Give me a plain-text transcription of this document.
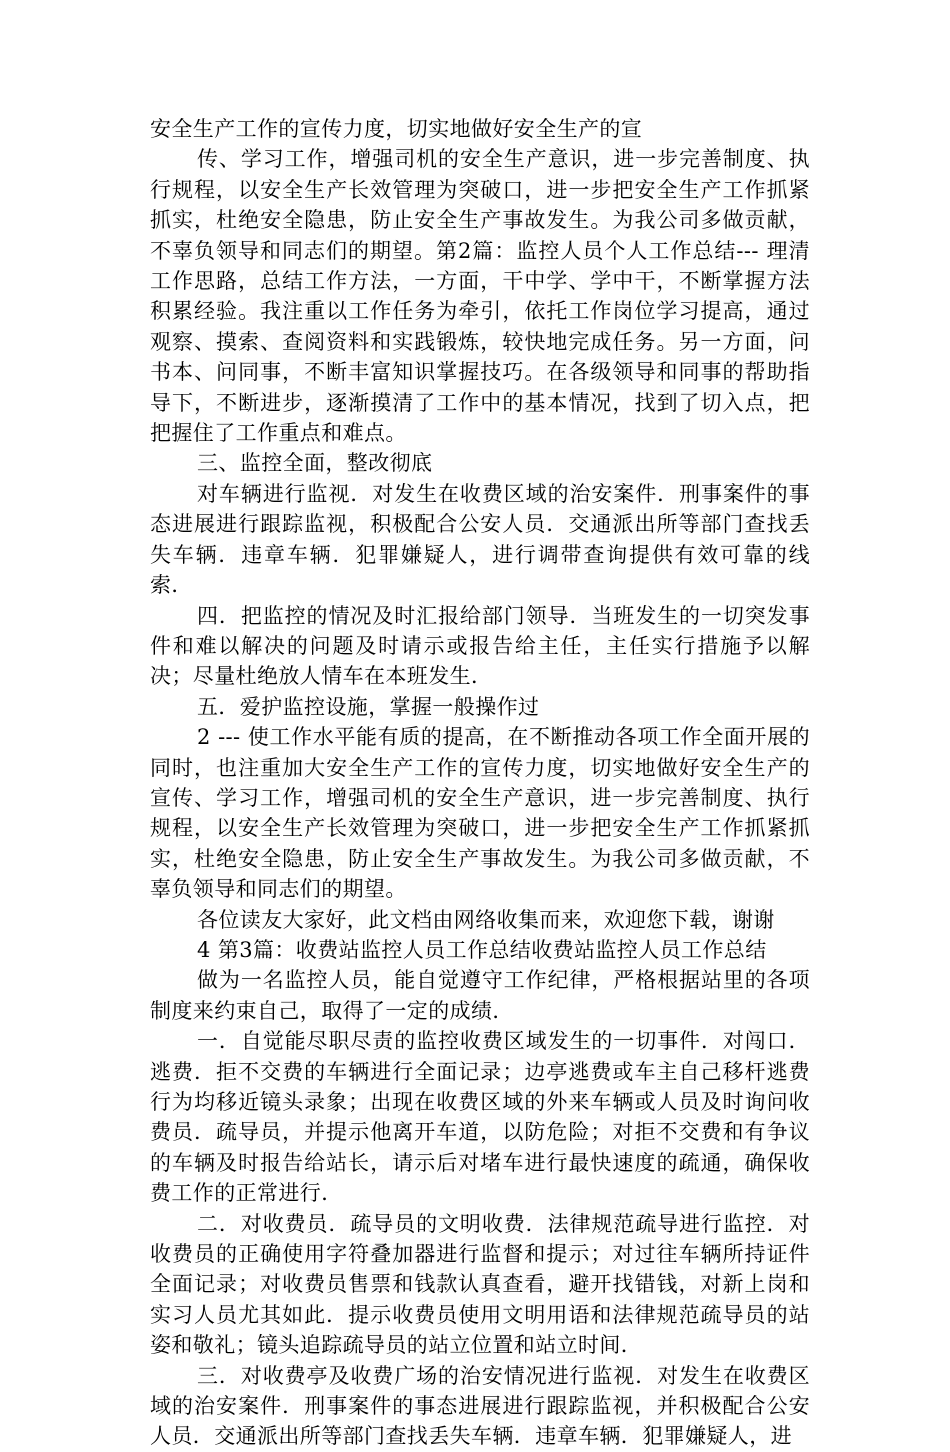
安全生产工作的宣传力度，切实地做好安全生产的宣

传、学习工作，增强司机的安全生产意识，进一步完善制度、执行规程，以安全生产长效管理为突破口，进一步把安全生产工作抓紧抓实，杜绝安全隐患，防止安全生产事故发生。为我公司多做贡献，不辜负领导和同志们的期望。第2篇：监控人员个人工作总结--- 理清工作思路，总结工作方法，一方面，干中学、学中干，不断掌握方法积累经验。我注重以工作任务为牵引，依托工作岗位学习提高，通过观察、摸索、查阅资料和实践锻炼，较快地完成任务。另一方面，问书本、问同事，不断丰富知识掌握技巧。在各级领导和同事的帮助指导下，不断进步，逐渐摸清了工作中的基本情况，找到了切入点，把把握住了工作重点和难点。

三、监控全面，整改彻底

对车辆进行监视．对发生在收费区域的治安案件．刑事案件的事态进展进行跟踪监视，积极配合公安人员．交通派出所等部门查找丢失车辆．违章车辆．犯罪嫌疑人，进行调带查询提供有效可靠的线索．

四．把监控的情况及时汇报给部门领导．当班发生的一切突发事件和难以解决的问题及时请示或报告给主任，主任实行措施予以解决；尽量杜绝放人情车在本班发生．

五．爱护监控设施，掌握一般操作过

2 --- 使工作水平能有质的提高，在不断推动各项工作全面开展的同时，也注重加大安全生产工作的宣传力度，切实地做好安全生产的宣传、学习工作，增强司机的安全生产意识，进一步完善制度、执行规程，以安全生产长效管理为突破口，进一步把安全生产工作抓紧抓实，杜绝安全隐患，防止安全生产事故发生。为我公司多做贡献，不辜负领导和同志们的期望。

各位读友大家好，此文档由网络收集而来，欢迎您下载，谢谢

4 第3篇：收费站监控人员工作总结收费站监控人员工作总结

做为一名监控人员，能自觉遵守工作纪律，严格根据站里的各项制度来约束自己，取得了一定的成绩．

一．自觉能尽职尽责的监控收费区域发生的一切事件．对闯口．逃费．拒不交费的车辆进行全面记录；边亭逃费或车主自己移杆逃费行为均移近镜头录象；出现在收费区域的外来车辆或人员及时询问收费员．疏导员，并提示他离开车道，以防危险；对拒不交费和有争议的车辆及时报告给站长，请示后对堵车进行最快速度的疏通，确保收费工作的正常进行．

二．对收费员．疏导员的文明收费．法律规范疏导进行监控．对收费员的正确使用字符叠加器进行监督和提示；对过往车辆所持证件全面记录；对收费员售票和钱款认真查看，避开找错钱，对新上岗和实习人员尤其如此．提示收费员使用文明用语和法律规范疏导员的站姿和敬礼；镜头追踪疏导员的站立位置和站立时间．

三．对收费亭及收费广场的治安情况进行监视．对发生在收费区域的治安案件．刑事案件的事态进展进行跟踪监视，并积极配合公安人员．交通派出所等部门查找丢失车辆．违章车辆．犯罪嫌疑人，进
